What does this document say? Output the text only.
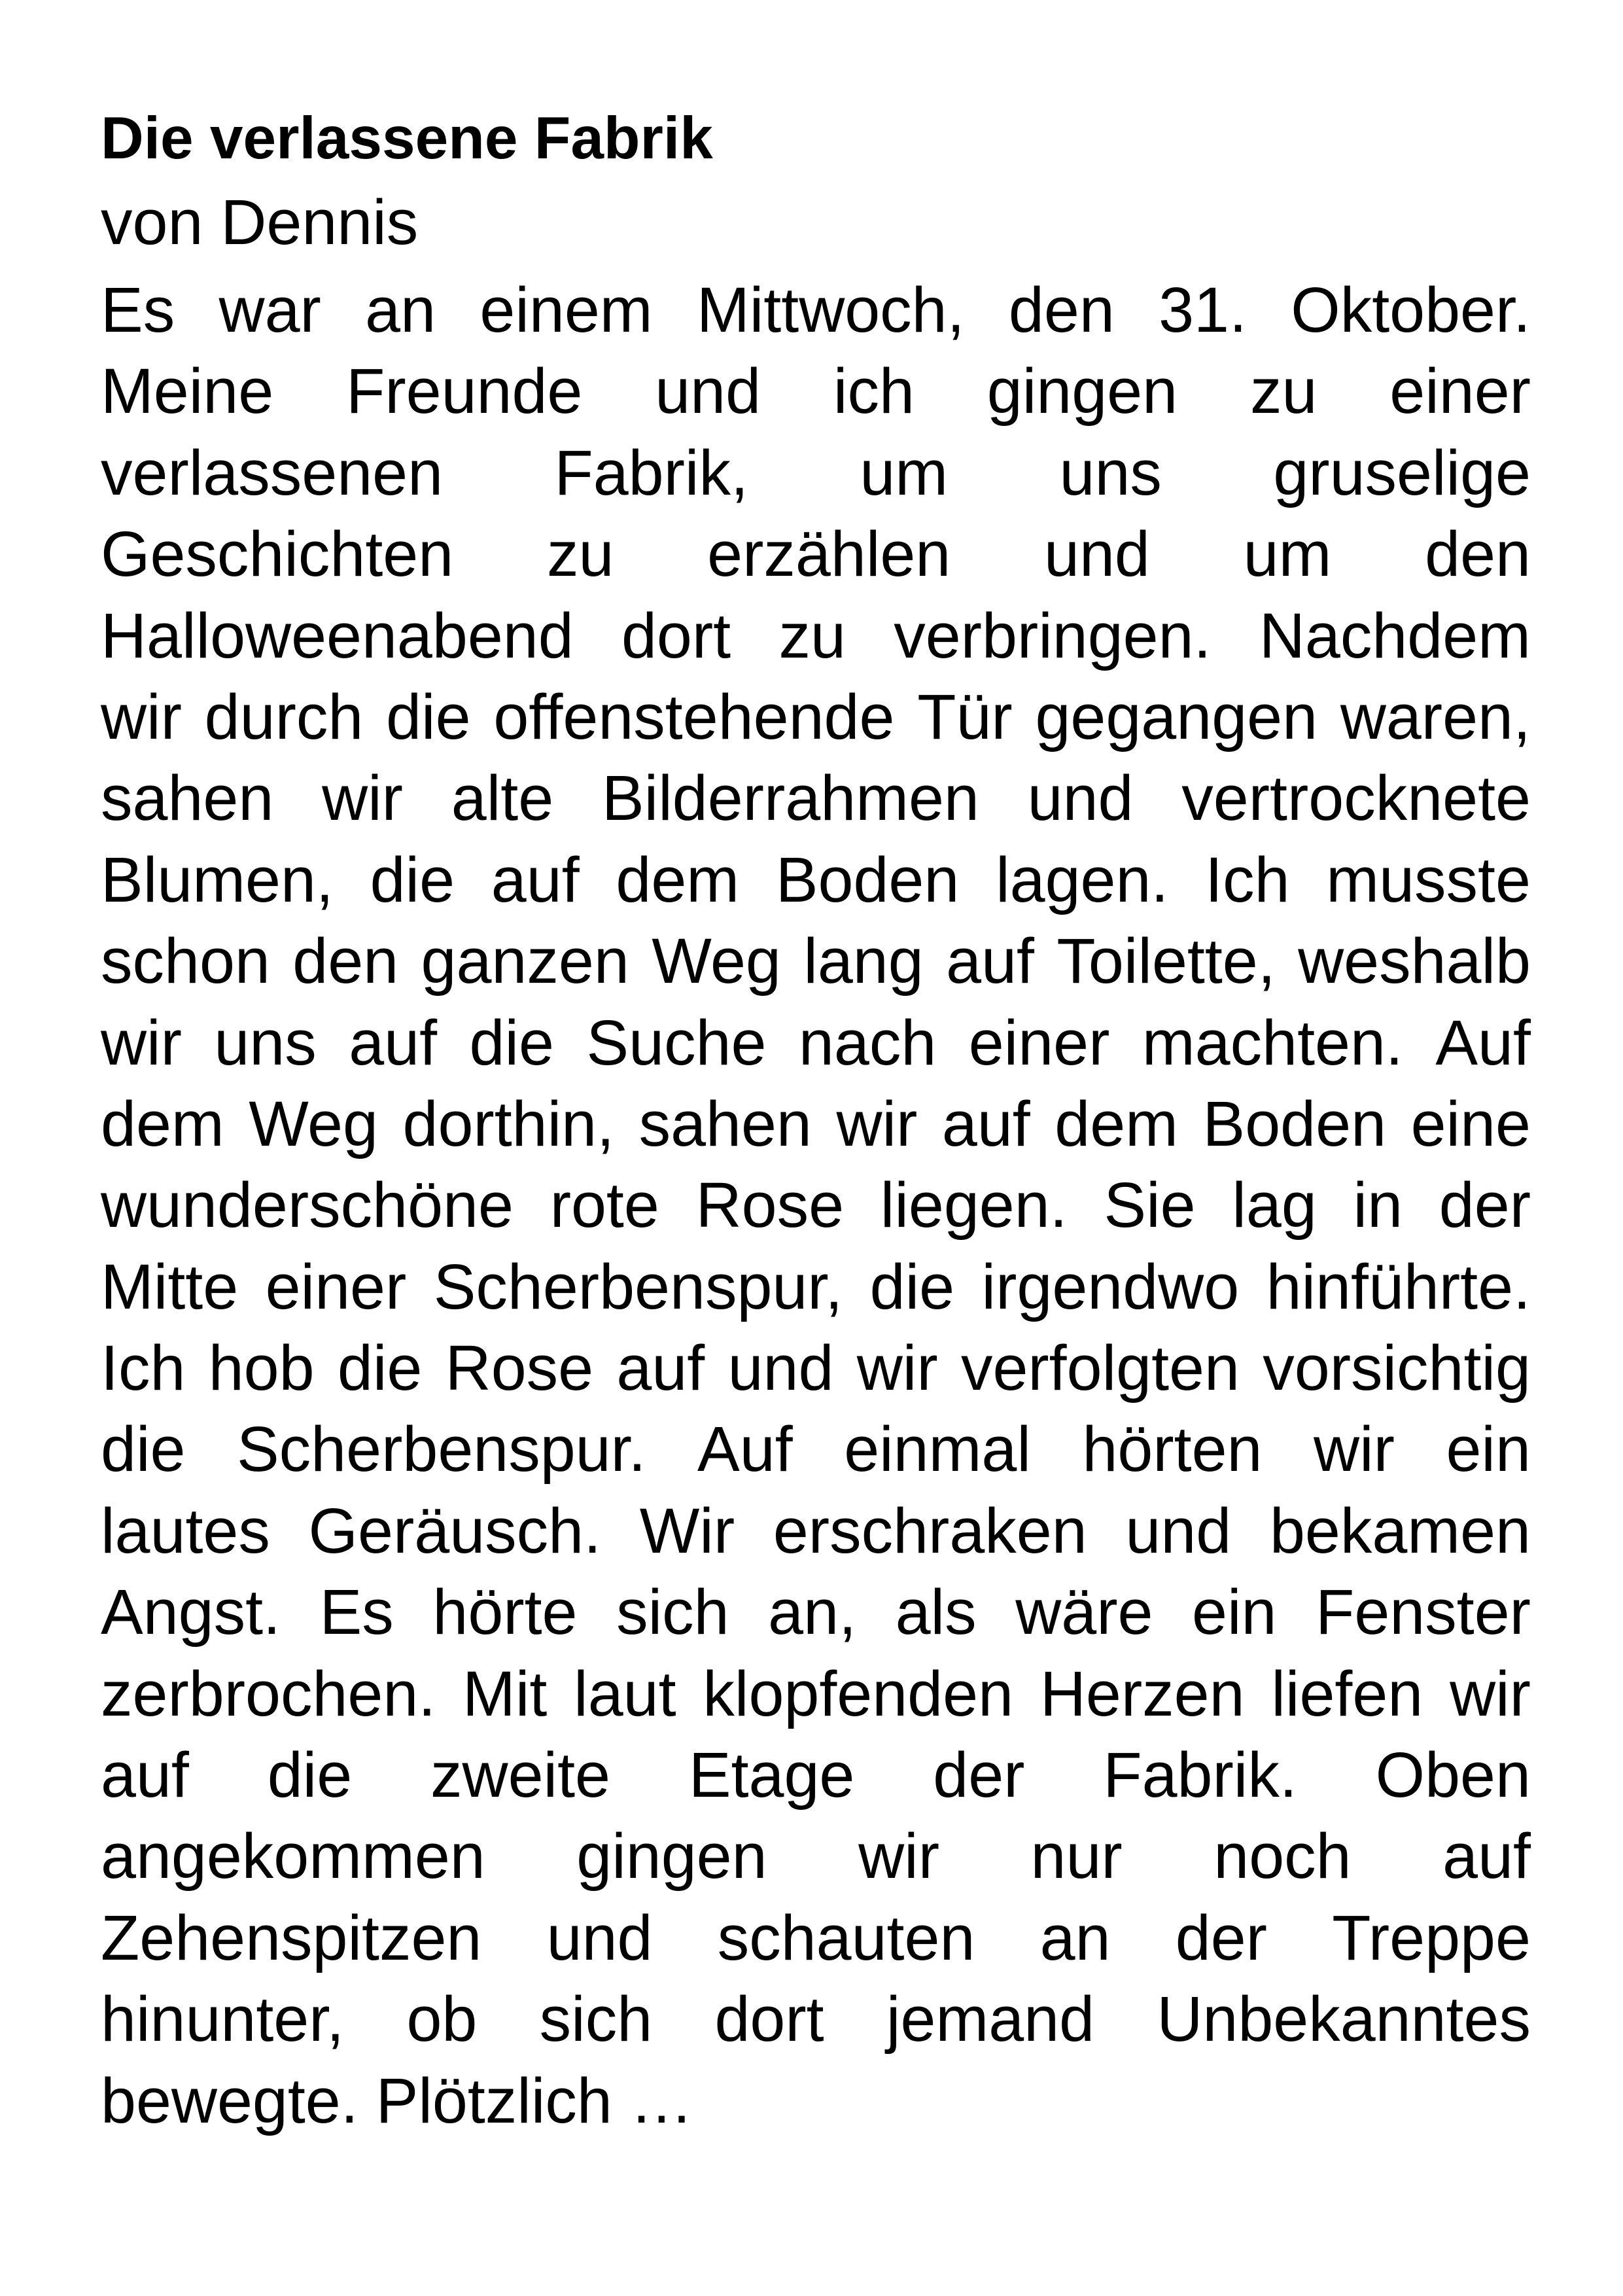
Die verlassene Fabrik
von Dennis
Es war an einem Mittwoch, den 31. Oktober.
Meine Freunde und ich gingen zu einer
verlassenen Fabrik, um uns gruselige
Geschichten zu erzählen und um den
Halloweenabend dort zu verbringen. Nachdem
wir durch die offenstehende Tür gegangen waren,
sahen wir alte Bilderrahmen und vertrocknete
Blumen, die auf dem Boden lagen. Ich musste
schon den ganzen Weg lang auf Toilette, weshalb
wir uns auf die Suche nach einer machten. Auf
dem Weg dorthin, sahen wir auf dem Boden eine
wunderschöne rote Rose liegen. Sie lag in der
Mitte einer Scherbenspur, die irgendwo hinführte.
Ich hob die Rose auf und wir verfolgten vorsichtig
die Scherbenspur. Auf einmal hörten wir ein
lautes Geräusch. Wir erschraken und bekamen
Angst. Es hörte sich an, als wäre ein Fenster
zerbrochen. Mit laut klopfenden Herzen liefen wir
auf die zweite Etage der Fabrik. Oben
angekommen gingen wir nur noch auf
Zehenspitzen und schauten an der Treppe
hinunter, ob sich dort jemand Unbekanntes
bewegte. Plötzlich …
